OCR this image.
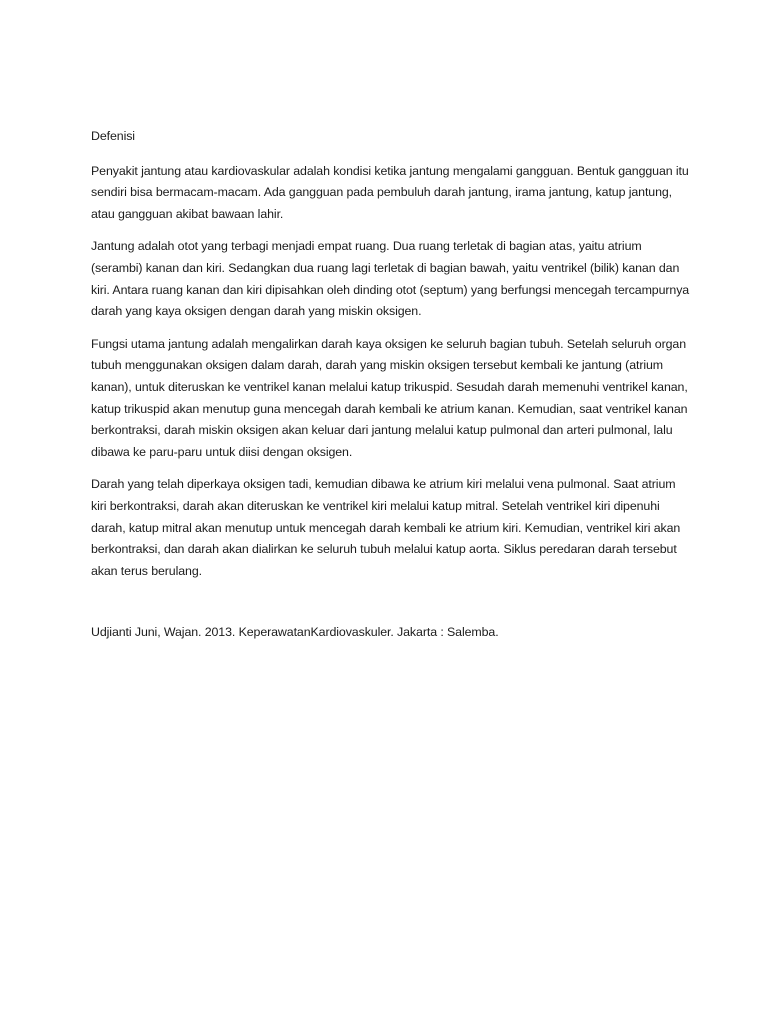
Defenisi

Penyakit jantung atau kardiovaskular adalah kondisi ketika jantung mengalami gangguan. Bentuk gangguan itu sendiri bisa bermacam-macam. Ada gangguan pada pembuluh darah jantung, irama jantung, katup jantung, atau gangguan akibat bawaan lahir.

Jantung adalah otot yang terbagi menjadi empat ruang. Dua ruang terletak di bagian atas, yaitu atrium (serambi) kanan dan kiri. Sedangkan dua ruang lagi terletak di bagian bawah, yaitu ventrikel (bilik) kanan dan kiri. Antara ruang kanan dan kiri dipisahkan oleh dinding otot (septum) yang berfungsi mencegah tercampurnya darah yang kaya oksigen dengan darah yang miskin oksigen.

Fungsi utama jantung adalah mengalirkan darah kaya oksigen ke seluruh bagian tubuh. Setelah seluruh organ tubuh menggunakan oksigen dalam darah, darah yang miskin oksigen tersebut kembali ke jantung (atrium kanan), untuk diteruskan ke ventrikel kanan melalui katup trikuspid. Sesudah darah memenuhi ventrikel kanan, katup trikuspid akan menutup guna mencegah darah kembali ke atrium kanan. Kemudian, saat ventrikel kanan berkontraksi, darah miskin oksigen akan keluar dari jantung melalui katup pulmonal dan arteri pulmonal, lalu dibawa ke paru-paru untuk diisi dengan oksigen.

Darah yang telah diperkaya oksigen tadi, kemudian dibawa ke atrium kiri melalui vena pulmonal. Saat atrium kiri berkontraksi, darah akan diteruskan ke ventrikel kiri melalui katup mitral. Setelah ventrikel kiri dipenuhi darah, katup mitral akan menutup untuk mencegah darah kembali ke atrium kiri. Kemudian, ventrikel kiri akan berkontraksi, dan darah akan dialirkan ke seluruh tubuh melalui katup aorta. Siklus peredaran darah tersebut akan terus berulang.

Udjianti Juni, Wajan. 2013. KeperawatanKardiovaskuler. Jakarta : Salemba.
